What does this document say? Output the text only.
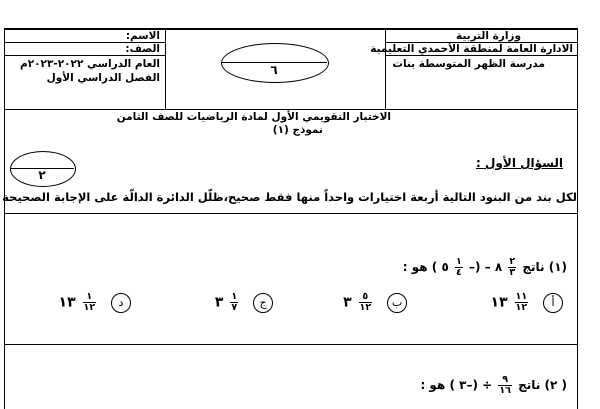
وزارة التربية
الادارة العامة لمنطقة الأحمدي التعليمية
مدرسة الظهر المتوسطة بنات
الاسم:
الصف:
العام الدراسي ٢٠٢٢-٢٠٢٣م
الفصل الدراسي الأول
٦
الاختبار التقويمي الأول لمادة الرياضيات للصف الثامن
نموذج (١)
٢
السؤال الأول :
لكل بند من البنود التالية أربعة اختيارات واحداً منها فقط صحيح،ظلّل الدائرة الدالّة على الإجابة الصحيحة
(١) ناتج
$\frac{٢}{٣}$
٨ – (–
$\frac{١}{٤}$
٥ ) هو :
أ
$\frac{١١}{١٢}$
١٣
ب
$\frac{٥}{١٢}$
٣
ج
$\frac{١}{٧}$
٣
د
$\frac{١}{١٢}$
١٣
( ٢) ناتج
$\frac{٩}{١٦}$
÷ (–٣ ) هو :
